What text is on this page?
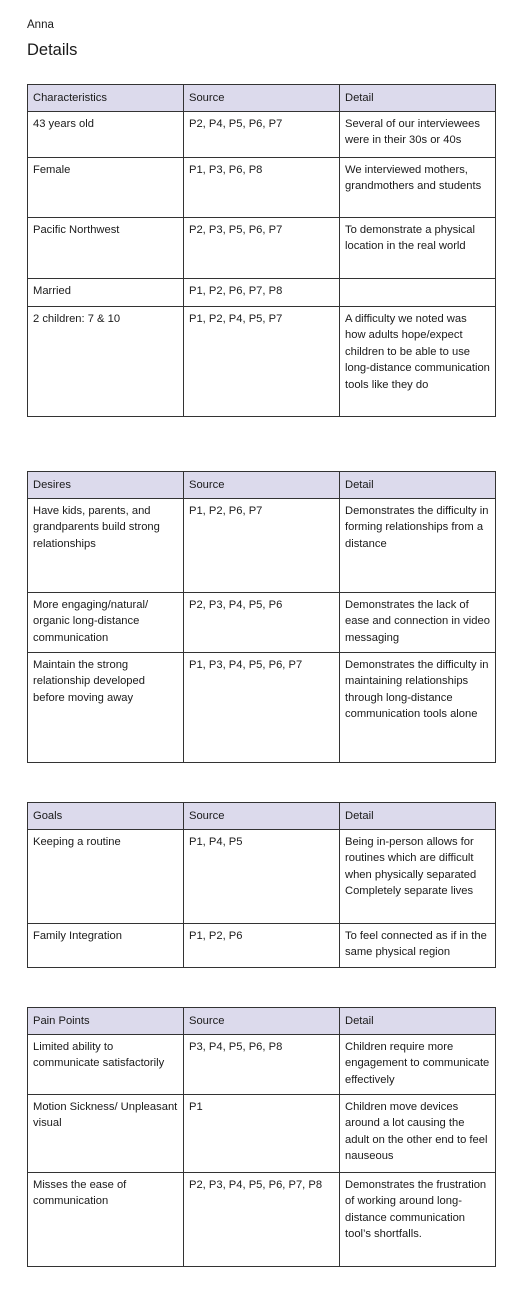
Anna
Details
Characteristics	Source	Detail
43 years old	P2, P4, P5, P6, P7	Several of our interviewees were in their 30s or 40s
Female	P1, P3, P6, P8	We interviewed mothers, grandmothers and students
Pacific Northwest	P2, P3, P5, P6, P7	To demonstrate a physical location in the real world
Married	P1, P2, P6, P7, P8	
2 children: 7 & 10	P1, P2, P4, P5, P7	A difficulty we noted was how adults hope/expect children to be able to use long-distance communication tools like they do
Desires	Source	Detail
Have kids, parents, and grandparents build strong relationships	P1, P2, P6, P7	Demonstrates the difficulty in forming relationships from a distance
More engaging/natural/ organic long-distance communication	P2, P3, P4, P5, P6	Demonstrates the lack of ease and connection in video messaging
Maintain the strong relationship developed before moving away	P1, P3, P4, P5, P6, P7	Demonstrates the difficulty in maintaining relationships through long-distance communication tools alone
Goals	Source	Detail
Keeping a routine	P1, P4, P5	Being in-person allows for routines which are difficult when physically separated
Completely separate lives
Family Integration	P1, P2, P6	To feel connected as if in the same physical region
Pain Points	Source	Detail
Limited ability to communicate satisfactorily	P3, P4, P5, P6, P8	Children require more engagement to communicate effectively
Motion Sickness/ Unpleasant visual	P1	Children move devices around a lot causing the adult on the other end to feel nauseous
Misses the ease of communication	P2, P3, P4, P5, P6, P7, P8	Demonstrates the frustration of working around long-distance communication tool’s shortfalls.
